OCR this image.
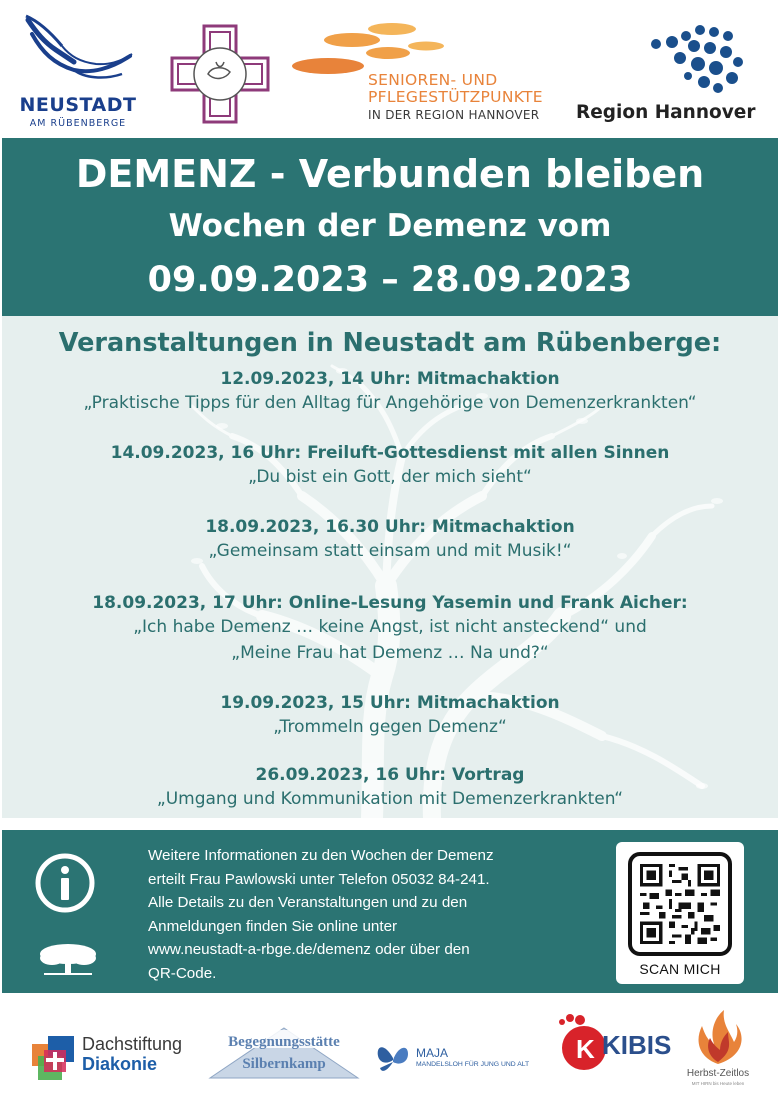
NEUSTADT
AM RÜBENBERGE
SENIOREN- UND
PFLEGESTÜTZPUNKTE
IN DER REGION HANNOVER Region Hannover
DEMENZ - Verbunden bleiben
Wochen der Demenz vom
09.09.2023 – 28.09.2023
Veranstaltungen in Neustadt am Rübenberge:
12.09.2023, 14 Uhr: Mitmachaktion
„Praktische Tipps für den Alltag für Angehörige von Demenzerkrankten“
14.09.2023, 16 Uhr: Freiluft-Gottesdienst mit allen Sinnen
„Du bist ein Gott, der mich sieht“
18.09.2023, 16.30 Uhr: Mitmachaktion
„Gemeinsam statt einsam und mit Musik!“
18.09.2023, 17 Uhr: Online-Lesung Yasemin und Frank Aicher:
„Ich habe Demenz … keine Angst, ist nicht ansteckend“ und
„Meine Frau hat Demenz … Na und?“
19.09.2023, 15 Uhr: Mitmachaktion
„Trommeln gegen Demenz“
26.09.2023, 16 Uhr: Vortrag
„Umgang und Kommunikation mit Demenzerkrankten“
Weitere Informationen zu den Wochen der Demenz
erteilt Frau Pawlowski unter Telefon 05032 84-241.
Alle Details zu den Veranstaltungen und zu den
Anmeldungen finden Sie online unter
www.neustadt-a-rbge.de/demenz oder über den
QR-Code.	SCAN MICH
Dachstiftung
Diakonie
Begegnungsstätte
Silbernkamp
MAJA
MANDELSLOH FÜR JUNG UND ALT
K KIBIS
Herbst-Zeitlos
MIT HIRN bis Heute leben
